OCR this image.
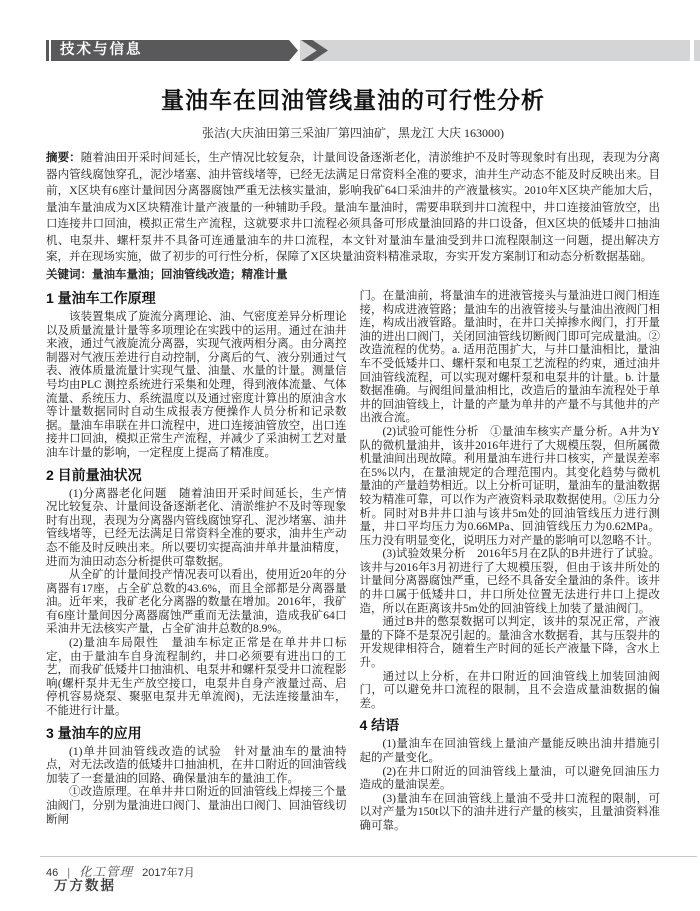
技术与信息
量油车在回油管线量油的可行性分析
张洁(大庆油田第三采油厂第四油矿，黑龙江 大庆 163000)
摘要：随着油田开采时间延长，生产情况比较复杂，计量间设备逐渐老化，清淤维护不及时等现象时有出现，表现为分离器内管线腐蚀穿孔，泥沙堵塞、油井管线堵等，已经无法满足日常资料全准的要求，油井生产动态不能及时反映出来。目前，X区块有6座计量间因分离器腐蚀严重无法核实量油，影响我矿64口采油井的产液量核实。2010年X区块产能加大后，量油车量油成为X区块精准计量产液量的一种辅助手段。量油车量油时，需要串联到井口流程中，井口连接油管放空，出口连接井口回油，模拟正常生产流程，这就要求井口流程必须具备可形成量油回路的井口设备，但X区块的低矮井口抽油机、电泵井、螺杆泵井不具备可连通量油车的井口流程，本文针对量油车量油受到井口流程限制这一问题，提出解决方案，并在现场实施，做了初步的可行性分析，保障了X区块量油资料精准录取，夯实开发方案制订和动态分析数据基础。
关键词：量油车量油；回油管线改造；精准计量
1 量油车工作原理
该装置集成了旋流分离理论、油、气密度差异分析理论以及质量流量计量等多项理论在实践中的运用。通过在油井来液，通过气液旋流分离器，实现气液两相分离。由分离控制器对气液压差进行自动控制，分离后的气、液分别通过气表、液体质量流量计实现气量、油量、水量的计量。测量信号均由PLC 测控系统进行采集和处理，得到液体流量、气体流量、系统压力、系统温度以及通过密度计算出的原油含水等计量数据同时自动生成报表方便操作人员分析和记录数据。量油车串联在井口流程中，进口连接油管放空，出口连接井口回油，模拟正常生产流程，并减少了采油树工艺对量油车计量的影响，一定程度上提高了精准度。
2 目前量油状况
(1)分离器老化问题　随着油田开采时间延长，生产情况比较复杂、计量间设备逐渐老化、清淤维护不及时等现象时有出现，表现为分离器内管线腐蚀穿孔、泥沙堵塞、油井管线堵等，已经无法满足日常资料全准的要求，油井生产动态不能及时反映出来。所以要切实提高油井单井量油精度，进而为油田动态分析提供可靠数据。
从全矿的计量间投产情况表可以看出，使用近20年的分离器有17座，占全矿总数的43.6%，而且全部都是分离器量油。近年来，我矿老化分离器的数量在增加。2016年，我矿有6座计量间因分离器腐蚀严重而无法量油，造成我矿64口采油井无法核实产量，占全矿油井总数的8.9%。
(2)量油车局限性　量油车标定正常是在单井井口标定，由于量油车自身流程制约，井口必须要有进出口的工艺，而我矿低矮井口抽油机、电泵井和螺杆泵受井口流程影响(螺杆泵井无生产放空接口，电泵井自身产液量过高、启停机容易烧泵、聚驱电泵井无单流阀)，无法连接量油车，不能进行计量。
3 量油车的应用
(1)单井回油管线改造的试验　针对量油车的量油特点，对无法改造的低矮井口抽油机，在井口附近的回油管线加装了一套量油的回路、确保量油车的量油工作。
①改造原理。在单井井口附近的回油管线上焊接三个量油阀门，分别为量油进口阀门、量油出口阀门、回油管线切断闸
门。在量油前，将量油车的进液管接头与量油进口阀门相连接，构成进液管路；量油车的出液管接头与量油出液阀门相连，构成出液管路。量油时，在井口关掉掺水阀门，打开量油的进出口阀门，关闭回油管线切断阀门即可完成量油。②改造流程的优势。a. 适用范围扩大，与井口量油相比，量油车不受低矮井口、螺杆泵和电泵工艺流程的约束，通过油井回油管线流程，可以实现对螺杆泵和电泵井的计量。b. 计量数据准确。与阀组间量油相比，改造后的量油车流程处于单井的回油管线上，计量的产量为单井的产量不与其他井的产出液合流。
(2)试验可能性分析　①量油车核实产量分析。A井为Y队的微机量油井，该井2016年进行了大规模压裂，但所属微机量油间出现故障。利用量油车进行井口核实，产量误差率在5%以内，在量油规定的合理范围内。其变化趋势与微机量油的产量趋势相近。以上分析可证明，量油车的量油数据较为精准可靠，可以作为产液资料录取数据使用。②压力分析。同时对B井井口油与该井5m处的回油管线压力进行测量，井口平均压力为0.66MPa、回油管线压力为0.62MPa。压力没有明显变化，说明压力对产量的影响可以忽略不计。
(3)试验效果分析　2016年5月在Z队的B井进行了试验。该井与2016年3月初进行了大规模压裂，但由于该井所处的计量间分离器腐蚀严重，已经不具备安全量油的条件。该井的井口属于低矮井口，井口所处位置无法进行井口上提改造，所以在距离该井5m处的回油管线上加装了量油阀门。
通过B井的憋泵数据可以判定，该井的泵况正常，产液量的下降不是泵况引起的。量油含水数据看，其与压裂井的开发规律相符合，随着生产时间的延长产液量下降，含水上升。
通过以上分析，在井口附近的回油管线上加装回油阀门，可以避免井口流程的限制，且不会造成量油数据的偏差。
4 结语
(1)量油车在回油管线上量油产量能反映出油井措施引起的产量变化。
(2)在井口附近的回油管线上量油，可以避免回油压力造成的量油误差。
(3)量油车在回油管线上量油不受井口流程的限制，可以对产量为150t以下的油井进行产量的核实，且量油资料准确可靠。
46 | 化工管理 2017年7月
万方数据
